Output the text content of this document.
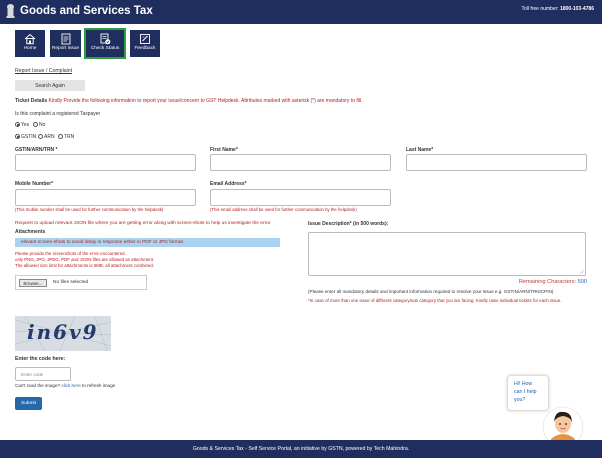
Goods and Services Tax	Toll free number: 1800-103-4786
Home	Report Issue	Check Status	Feedback
Report Issue / Complaint
Search Again
Ticket Details Kindly Provide the following information to report your issue/concern to GST Helpdesk. Attributes marked with asterisk (*) are mandatory to fill.
Is this complaint a registered Taxpayer
Yes No
GSTIN ARN TRN
GSTIN/ARN/TRN *	First Name*	Last Name*
Mobile Number*
(This mobile number shall be used for further communication by the helpdesk)
Email Address*
(This email address shall be used for further communication by the helpdesk)
Request to upload relevant JSON file where you are getting error along with screen-shots to help us investigate the error
Attachments
elevant screen-shots to avoid delay in response either in PDF or JPG format
Please provide the screenshots of the error encountered.
only PNG, JPG, JPEG, PDF and JSON files are allowed as attachment.
The allowed size limit for attachments is 5MB, all attachment combined.
Browse...	No files selected
Issue Description* (in 500 words):
Remaining Characters: 500
(Please enter all mandatory details and important information required to resolve your issue e.g. GSTIN/ARN/TRN/CPIN)
*In case of more than one issue of different category/sub category that you are facing, Kindly raise individual tickets for each issue.
in6v9
Enter the code here:
Enter code
Can't read the image? click here to refresh image
Submit
Hi! How
can I help
you?
Goods & Services Tax - Self Service Portal, an initiative by GSTN, powered by Tech Mahindra.
